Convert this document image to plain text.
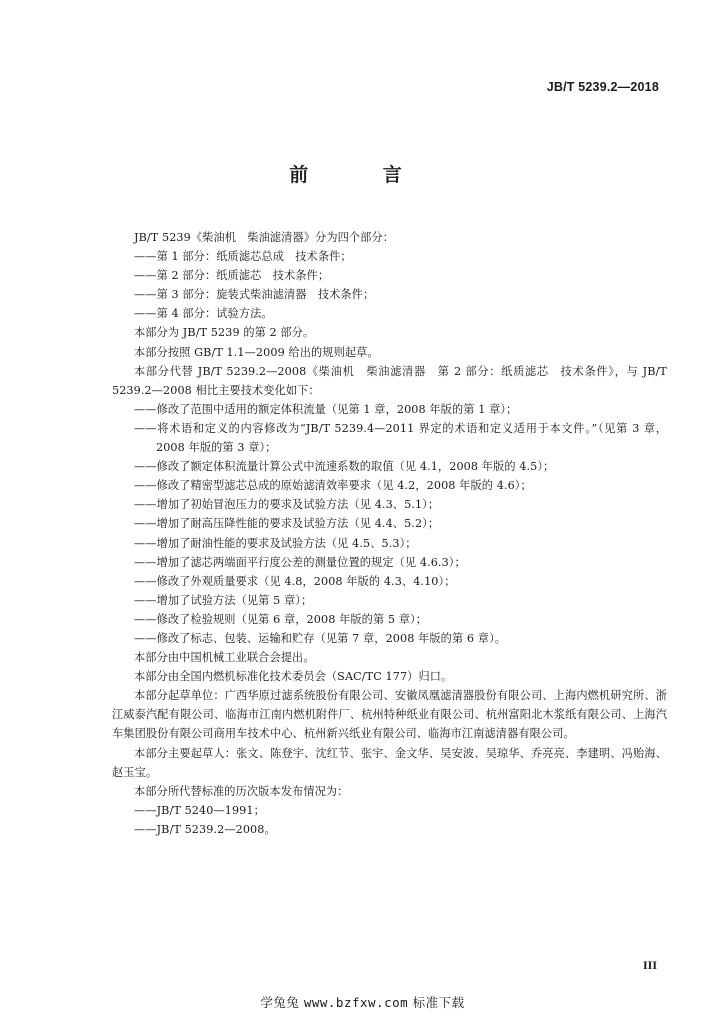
JB/T 5239.2—2018
前 言

JB/T 5239《柴油机　柴油滤清器》分为四个部分：

——第 1 部分：纸质滤芯总成　技术条件；

——第 2 部分：纸质滤芯　技术条件；

——第 3 部分：旋装式柴油滤清器　技术条件；

——第 4 部分：试验方法。

本部分为 JB/T 5239 的第 2 部分。

本部分按照 GB/T 1.1—2009 给出的规则起草。

本部分代替 JB/T 5239.2—2008《柴油机　柴油滤清器　第 2 部分：纸质滤芯　技术条件》，与 JB/T 5239.2—2008 相比主要技术变化如下：

——修改了范围中适用的额定体积流量（见第 1 章，2008 年版的第 1 章）；

——将术语和定义的内容修改为“JB/T 5239.4—2011 界定的术语和定义适用于本文件。”（见第 3 章，2008 年版的第 3 章）；

——修改了额定体积流量计算公式中流速系数的取值（见 4.1，2008 年版的 4.5）；

——修改了精密型滤芯总成的原始滤清效率要求（见 4.2，2008 年版的 4.6）；

——增加了初始冒泡压力的要求及试验方法（见 4.3、5.1）；

——增加了耐高压降性能的要求及试验方法（见 4.4、5.2）；

——增加了耐油性能的要求及试验方法（见 4.5、5.3）；

——增加了滤芯两端面平行度公差的测量位置的规定（见 4.6.3）；

——修改了外观质量要求（见 4.8，2008 年版的 4.3、4.10）；

——增加了试验方法（见第 5 章）；

——修改了检验规则（见第 6 章，2008 年版的第 5 章）；

——修改了标志、包装、运输和贮存（见第 7 章，2008 年版的第 6 章）。

本部分由中国机械工业联合会提出。

本部分由全国内燃机标准化技术委员会（SAC/TC 177）归口。

本部分起草单位：广西华原过滤系统股份有限公司、安徽凤凰滤清器股份有限公司、上海内燃机研究所、浙江威泰汽配有限公司、临海市江南内燃机附件厂、杭州特种纸业有限公司、杭州富阳北木浆纸有限公司、上海汽车集团股份有限公司商用车技术中心、杭州新兴纸业有限公司、临海市江南滤清器有限公司。

本部分主要起草人：张文、陈登宇、沈红节、张宇、金文华、吴安波、吴琼华、乔亮亮、李建明、冯贻海、赵玉宝。

本部分所代替标准的历次版本发布情况为：

——JB/T 5240—1991；

——JB/T 5239.2—2008。

III
学兔兔 www.bzfxw.com 标准下载
